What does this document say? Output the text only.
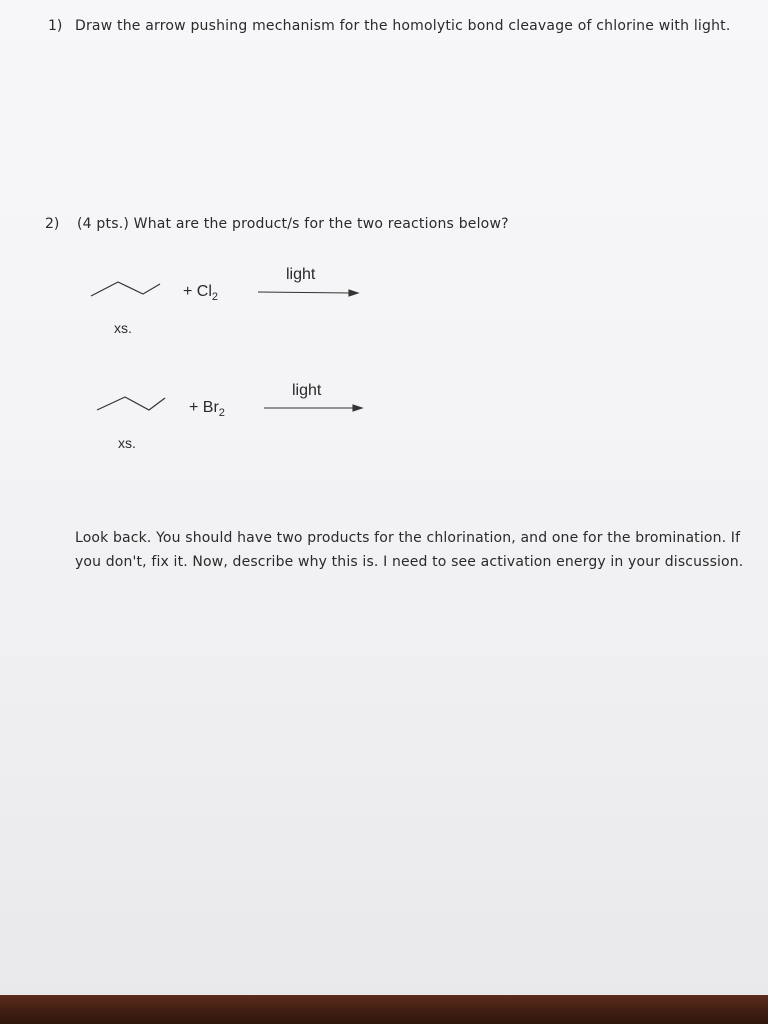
1) Draw the arrow pushing mechanism for the homolytic bond cleavage of chlorine with light.
2) (4 pts.) What are the product/s for the two reactions below?
+ $Cl_2$
light
xs.
+ $Br_2$
light
xs.
Look back. You should have two products for the chlorination, and one for the bromination. If you don't, fix it. Now, describe why this is. I need to see activation energy in your discussion.
